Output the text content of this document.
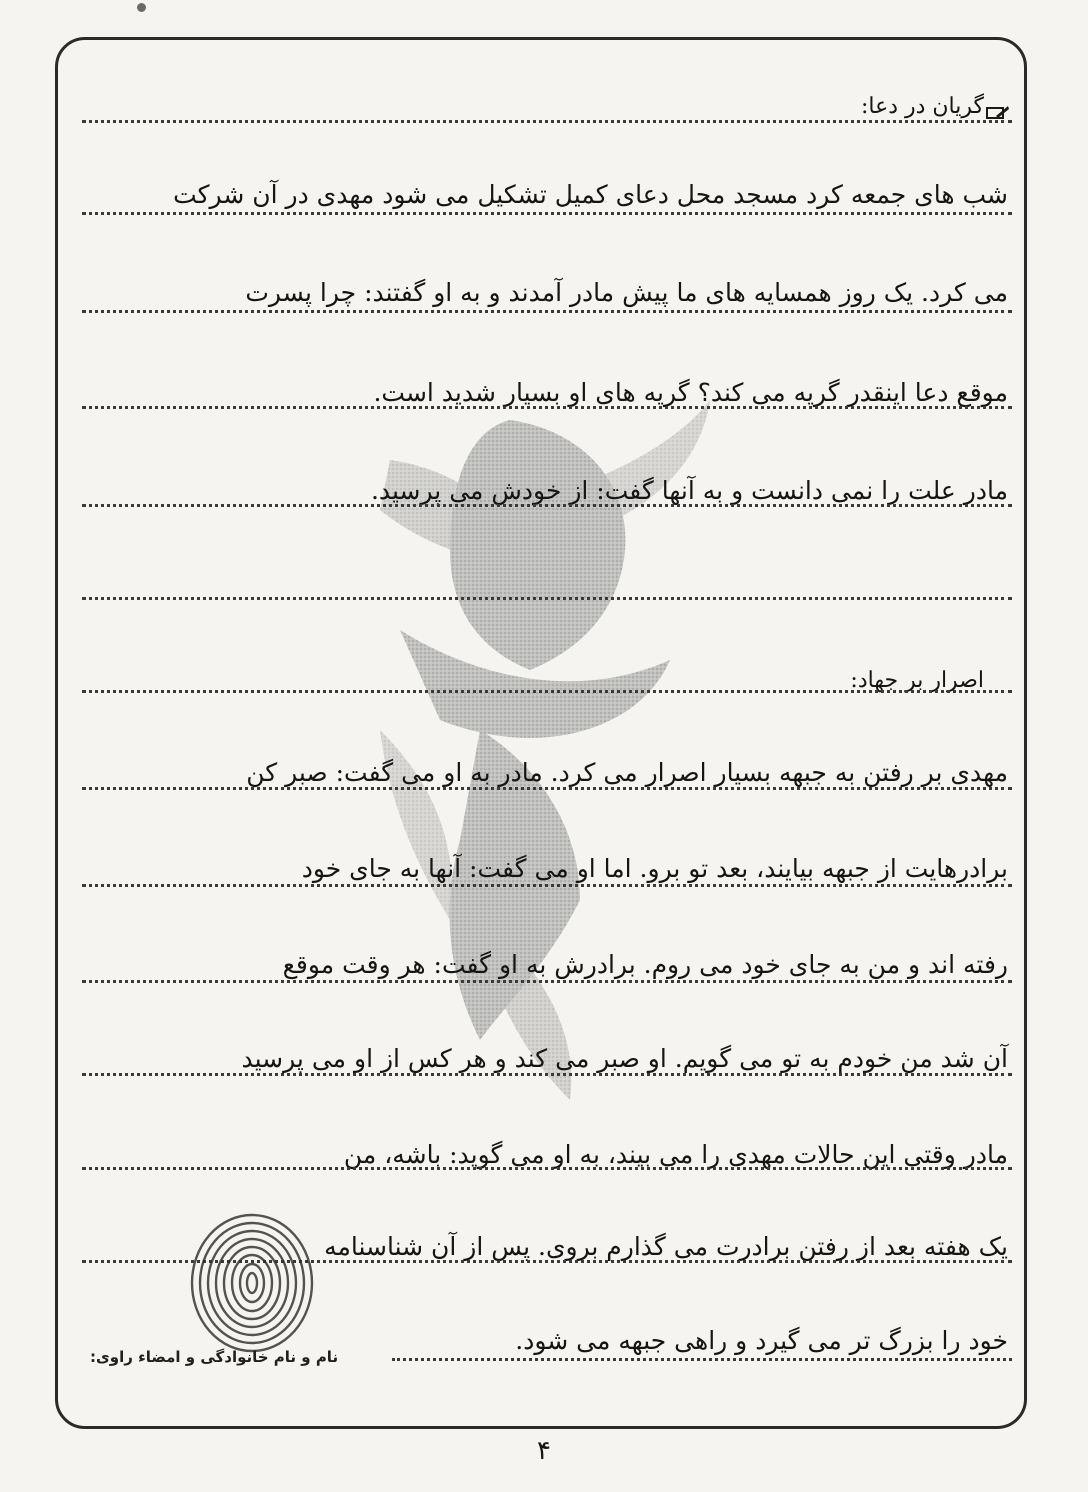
گریان در دعا:
شب های جمعه کرد مسجد محل دعای کمیل تشکیل می شود مهدی در آن شرکت
می کرد. یک روز همسایه های ما پیش مادر آمدند و به او گفتند: چرا پسرت
موقع دعا اینقدر گریه می کند؟ گریه های او بسیار شدید است.
مادر علت را نمی دانست و به آنها گفت: از خودش می پرسید.
اصرار بر جهاد:
مهدی بر رفتن به جبهه بسیار اصرار می کرد. مادر به او می گفت: صبر کن
برادرهایت از جبهه بیایند، بعد تو برو. اما او می گفت: آنها به جای خود
رفته اند و من به جای خود می روم. برادرش به او گفت: هر وقت موقع
آن شد من خودم به تو می گویم. او صبر می کند و هر کس از او می پرسید
مادر وقتی این حالات مهدی را می بیند، به او می گوید: باشه، من
یک هفته بعد از رفتن برادرت می گذارم بروی. پس از آن شناسنامه
خود را بزرگ تر می گیرد و راهی جبهه می شود.
نام و نام خانوادگی و امضاء راوی:
۴
